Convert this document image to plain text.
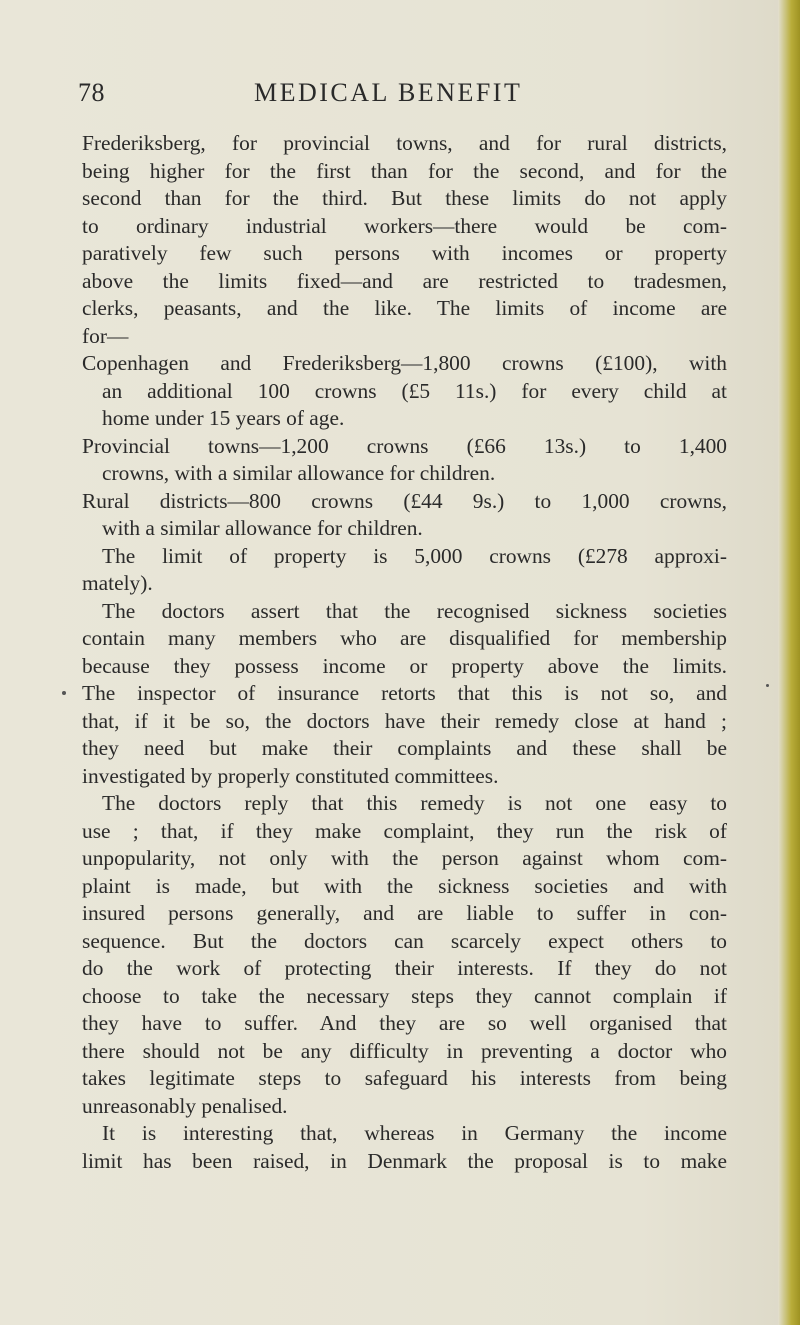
78	MEDICAL BENEFIT
Frederiksberg, for provincial towns, and for rural districts,
being higher for the first than for the second, and for the
second than for the third. But these limits do not apply
to ordinary industrial workers—there would be com-
paratively few such persons with incomes or property
above the limits fixed—and are restricted to tradesmen,
clerks, peasants, and the like. The limits of income are
for—
Copenhagen and Frederiksberg—1,800 crowns (£100), with
an additional 100 crowns (£5 11s.) for every child at
home under 15 years of age.
Provincial towns—1,200 crowns (£66 13s.) to 1,400
crowns, with a similar allowance for children.
Rural districts—800 crowns (£44 9s.) to 1,000 crowns,
with a similar allowance for children.
The limit of property is 5,000 crowns (£278 approxi-
mately).
The doctors assert that the recognised sickness societies
contain many members who are disqualified for membership
because they possess income or property above the limits.
The inspector of insurance retorts that this is not so, and
that, if it be so, the doctors have their remedy close at hand ;
they need but make their complaints and these shall be
investigated by properly constituted committees.
The doctors reply that this remedy is not one easy to
use ; that, if they make complaint, they run the risk of
unpopularity, not only with the person against whom com-
plaint is made, but with the sickness societies and with
insured persons generally, and are liable to suffer in con-
sequence. But the doctors can scarcely expect others to
do the work of protecting their interests. If they do not
choose to take the necessary steps they cannot complain if
they have to suffer. And they are so well organised that
there should not be any difficulty in preventing a doctor who
takes legitimate steps to safeguard his interests from being
unreasonably penalised.
It is interesting that, whereas in Germany the income
limit has been raised, in Denmark the proposal is to make
